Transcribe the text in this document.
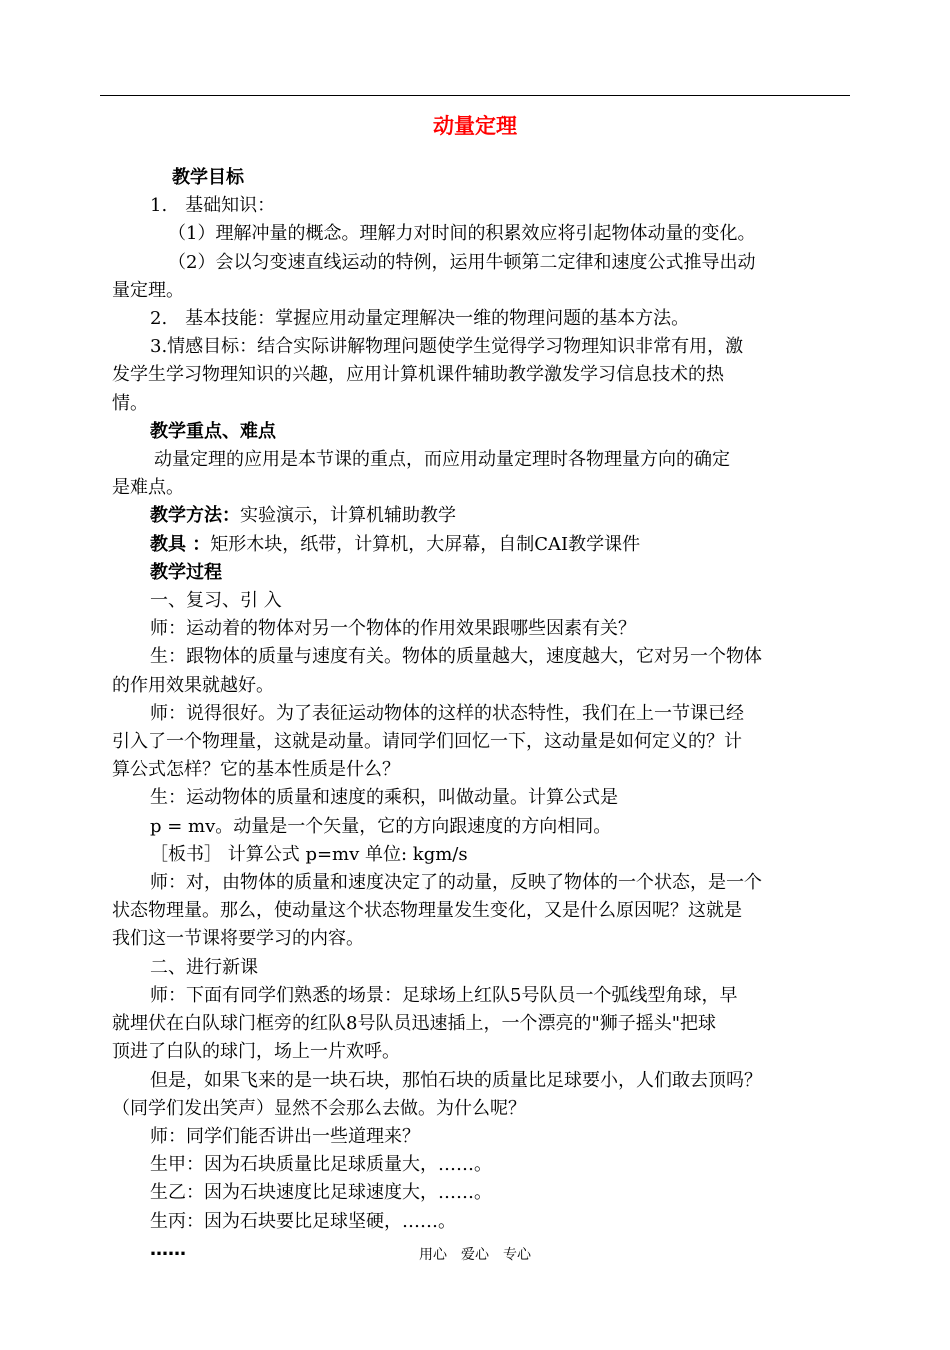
动量定理
教学目标
1.　基础知识：
（1）理解冲量的概念。理解力对时间的积累效应将引起物体动量的变化。
（2）会以匀变速直线运动的特例，运用牛顿第二定律和速度公式推导出动
量定理。
2.　基本技能：掌握应用动量定理解决一维的物理问题的基本方法。
3.情感目标：结合实际讲解物理问题使学生觉得学习物理知识非常有用，激
发学生学习物理知识的兴趣，应用计算机课件辅助教学激发学习信息技术的热
情。
教学重点、难点
动量定理的应用是本节课的重点，而应用动量定理时各物理量方向的确定
是难点。
教学方法：实验演示，计算机辅助教学
教具 ：矩形木块，纸带，计算机，大屏幕，自制CAI教学课件
教学过程
一、复习、引 入
师：运动着的物体对另一个物体的作用效果跟哪些因素有关？
生：跟物体的质量与速度有关。物体的质量越大，速度越大，它对另一个物体
的作用效果就越好。
师：说得很好。为了表征运动物体的这样的状态特性，我们在上一节课已经
引入了一个物理量，这就是动量。请同学们回忆一下，这动量是如何定义的？计
算公式怎样？它的基本性质是什么？
生：运动物体的质量和速度的乘积，叫做动量。计算公式是
p = mv。动量是一个矢量，它的方向跟速度的方向相同。
［板书］ 计算公式 p=mv 单位: kgm/s
师：对，由物体的质量和速度决定了的动量，反映了物体的一个状态，是一个
状态物理量。那么，使动量这个状态物理量发生变化，又是什么原因呢？这就是
我们这一节课将要学习的内容。
二、进行新课
师：下面有同学们熟悉的场景：足球场上红队5号队员一个弧线型角球，早
就埋伏在白队球门框旁的红队8号队员迅速插上，一个漂亮的"狮子摇头"把球
顶进了白队的球门，场上一片欢呼。
但是，如果飞来的是一块石块，那怕石块的质量比足球要小，人们敢去顶吗？
（同学们发出笑声）显然不会那么去做。为什么呢？
师：同学们能否讲出一些道理来？
生甲：因为石块质量比足球质量大，……。
生乙：因为石块速度比足球速度大，……。
生丙：因为石块要比足球坚硬，……。
……	用心　爱心　专心
